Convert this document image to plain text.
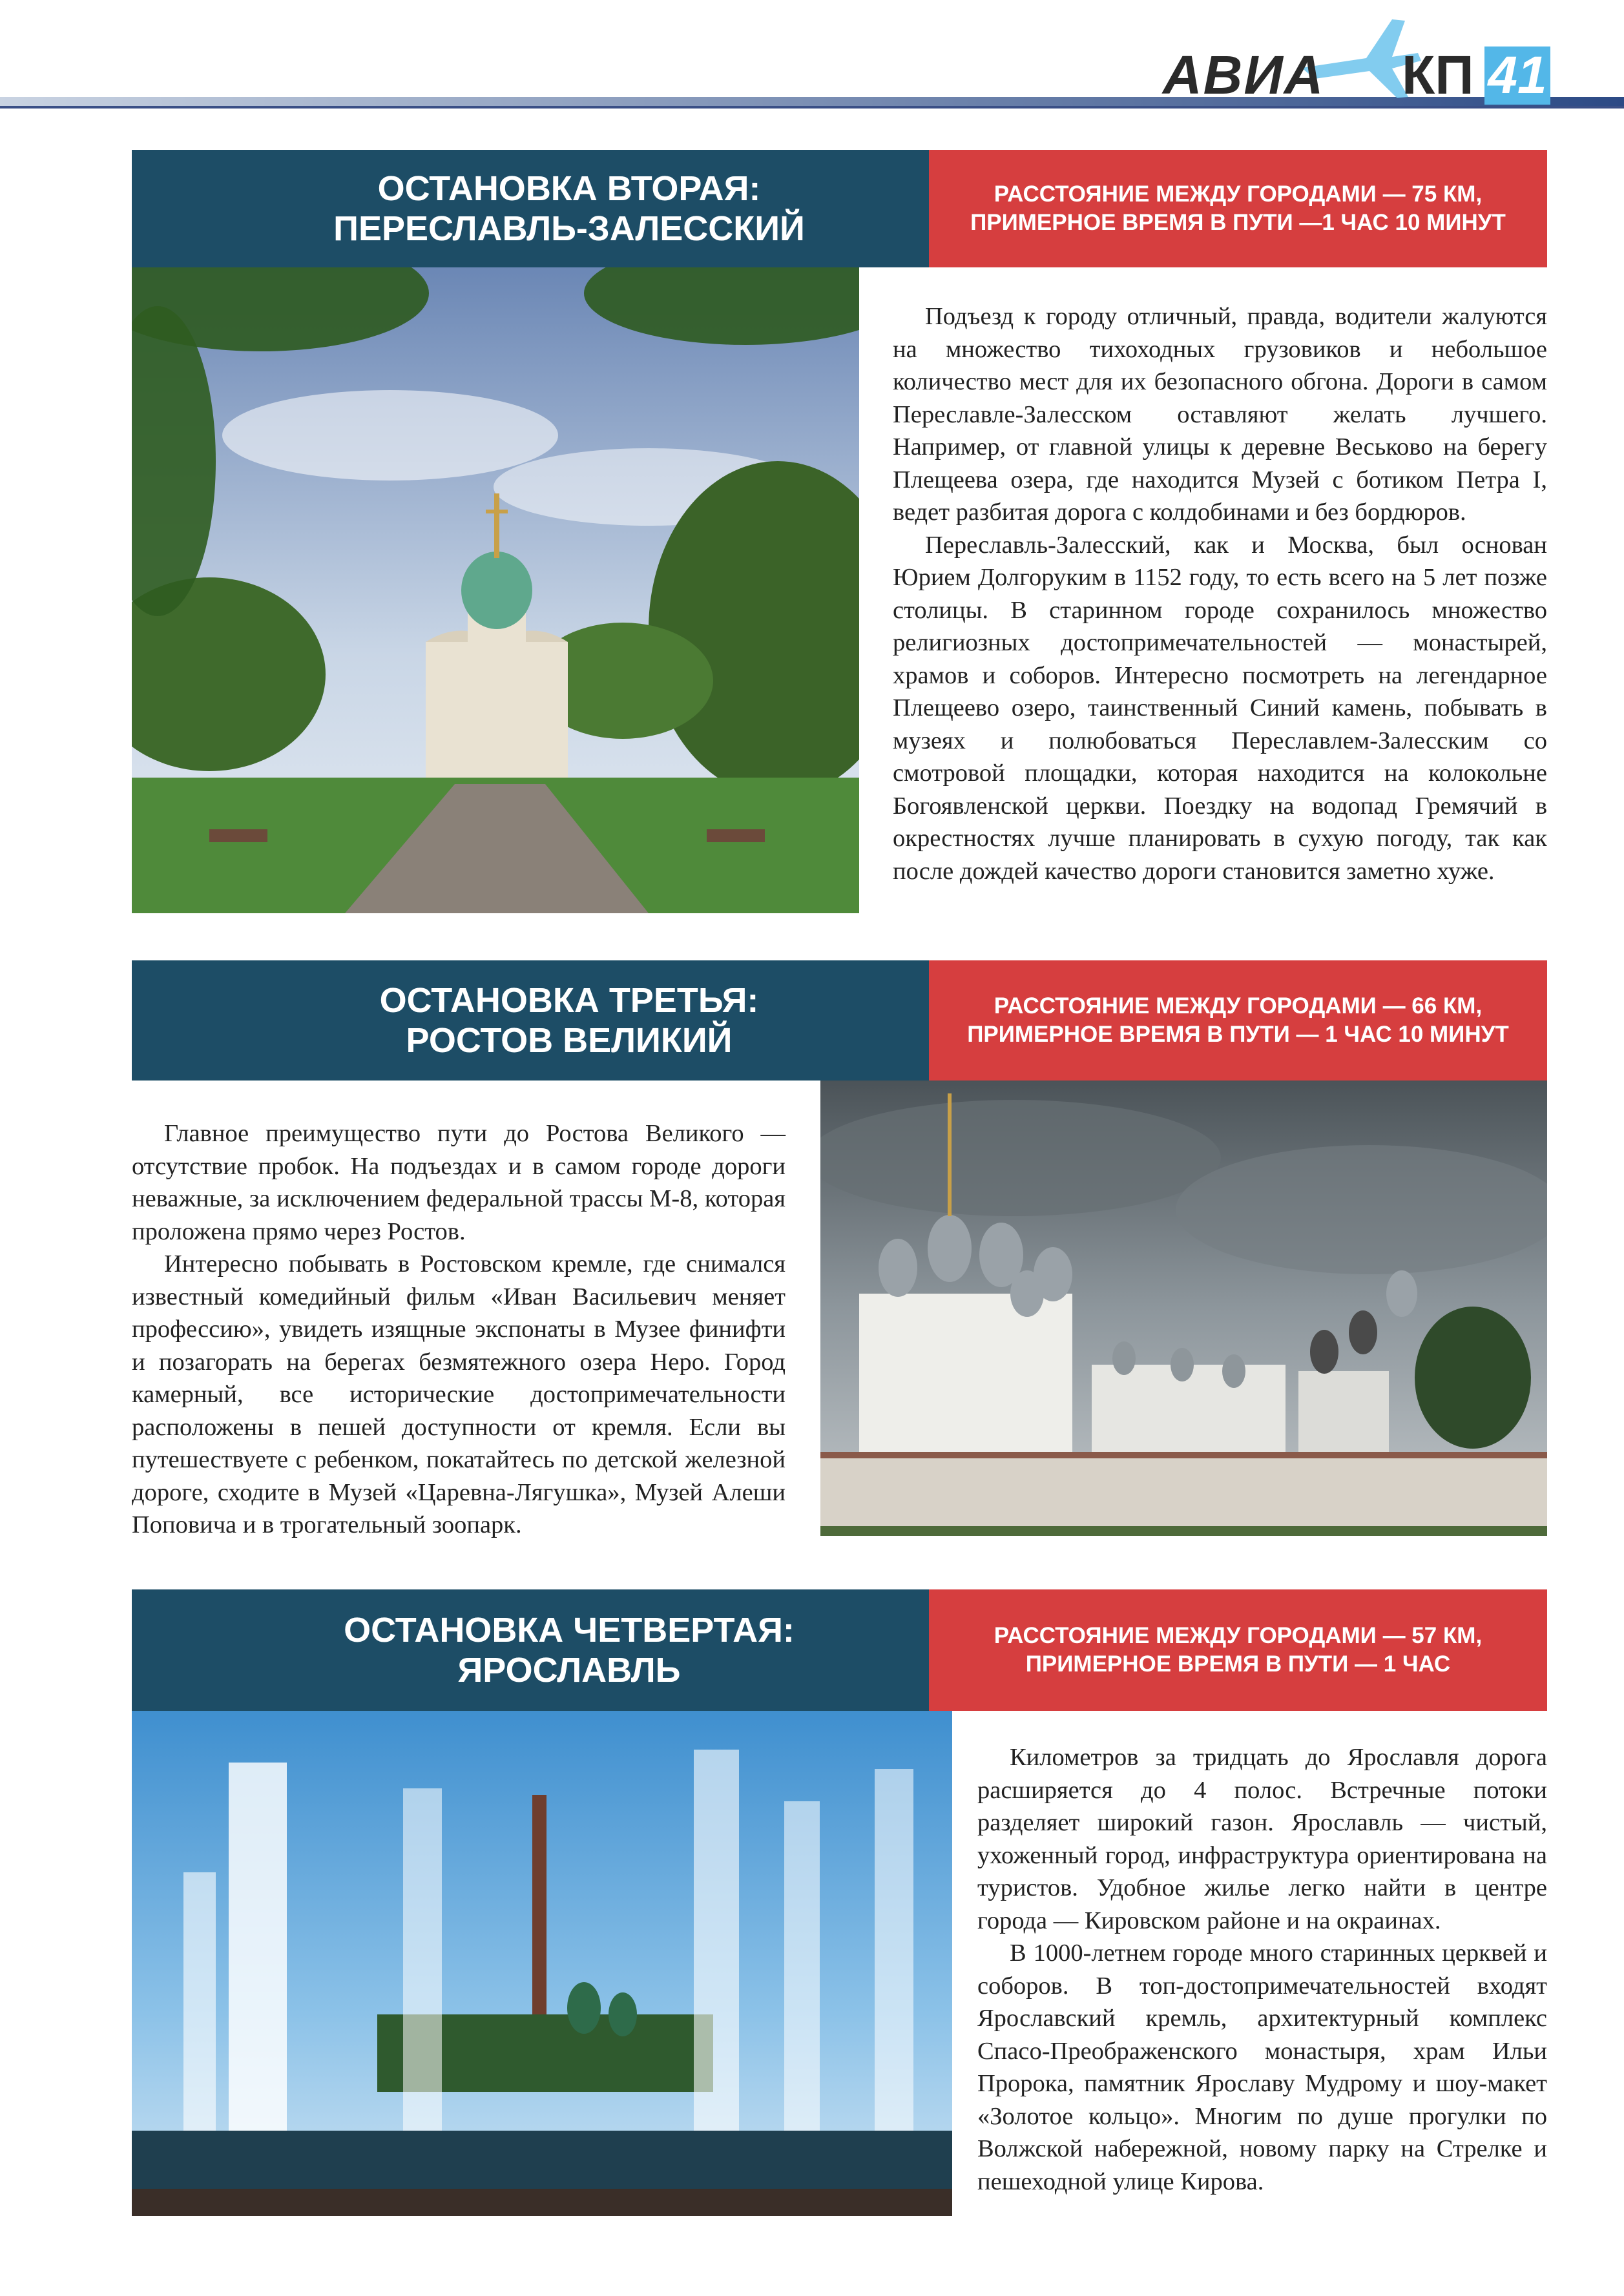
АВИА КП 41
ОСТАНОВКА ВТОРАЯ:
ПЕРЕСЛАВЛЬ-ЗАЛЕССКИЙ
РАССТОЯНИЕ МЕЖДУ ГОРОДАМИ — 75 КМ,
ПРИМЕРНОЕ ВРЕМЯ В ПУТИ —1 ЧАС 10 МИНУТ

Подъезд к городу отличный, правда, водители жалуются на множество тихоходных грузовиков и небольшое количество мест для их безопасного обгона. Дороги в самом Переславле-Залесском оставляют желать лучшего. Например, от главной улицы к деревне Веськово на берегу Плещеева озера, где находится Музей с ботиком Петра I, ведет разбитая дорога с колдобинами и без бордюров.

Переславль-Залесский, как и Москва, был основан Юрием Долгоруким в 1152 году, то есть всего на 5 лет позже столицы. В старинном городе сохранилось множество религиозных достопримечательностей — монастырей, храмов и соборов. Интересно посмотреть на легендарное Плещеево озеро, таинственный Синий камень, побывать в музеях и полюбоваться Переславлем-Залесским со смотровой площадки, которая находится на колокольне Богоявленской церкви. Поездку на водопад Гремячий в окрестностях лучше планировать в сухую погоду, так как после дождей качество дороги становится заметно хуже.

ОСТАНОВКА ТРЕТЬЯ:
РОСТОВ ВЕЛИКИЙ
РАССТОЯНИЕ МЕЖДУ ГОРОДАМИ — 66 КМ,
ПРИМЕРНОЕ ВРЕМЯ В ПУТИ — 1 ЧАС 10 МИНУТ

Главное преимущество пути до Ростова Великого — отсутствие пробок. На подъездах и в самом городе дороги неважные, за исключением федеральной трассы М-8, которая проложена прямо через Ростов.

Интересно побывать в Ростовском кремле, где снимался известный комедийный фильм «Иван Васильевич меняет профессию», увидеть изящные экспонаты в Музее финифти и позагорать на берегах безмятежного озера Неро. Город камерный, все исторические достопримечательности расположены в пешей доступности от кремля. Если вы путешествуете с ребенком, покатайтесь по детской железной дороге, сходите в Музей «Царевна-Лягушка», Музей Алеши Поповича и в трогательный зоопарк.

ОСТАНОВКА ЧЕТВЕРТАЯ:
ЯРОСЛАВЛЬ
РАССТОЯНИЕ МЕЖДУ ГОРОДАМИ — 57 КМ,
ПРИМЕРНОЕ ВРЕМЯ В ПУТИ — 1 ЧАС

Километров за тридцать до Ярославля дорога расширяется до 4 полос. Встречные потоки разделяет широкий газон. Ярославль — чистый, ухоженный город, инфраструктура ориентирована на туристов. Удобное жилье легко найти в центре города — Кировском районе и на окраинах.

В 1000-летнем городе много старинных церквей и соборов. В топ-достопримечательностей входят Ярославский кремль, архитектурный комплекс Спасо-Преображенского монастыря, храм Ильи Пророка, памятник Ярославу Мудрому и шоу-макет «Золотое кольцо». Многим по душе прогулки по Волжской набережной, новому парку на Стрелке и пешеходной улице Кирова.
